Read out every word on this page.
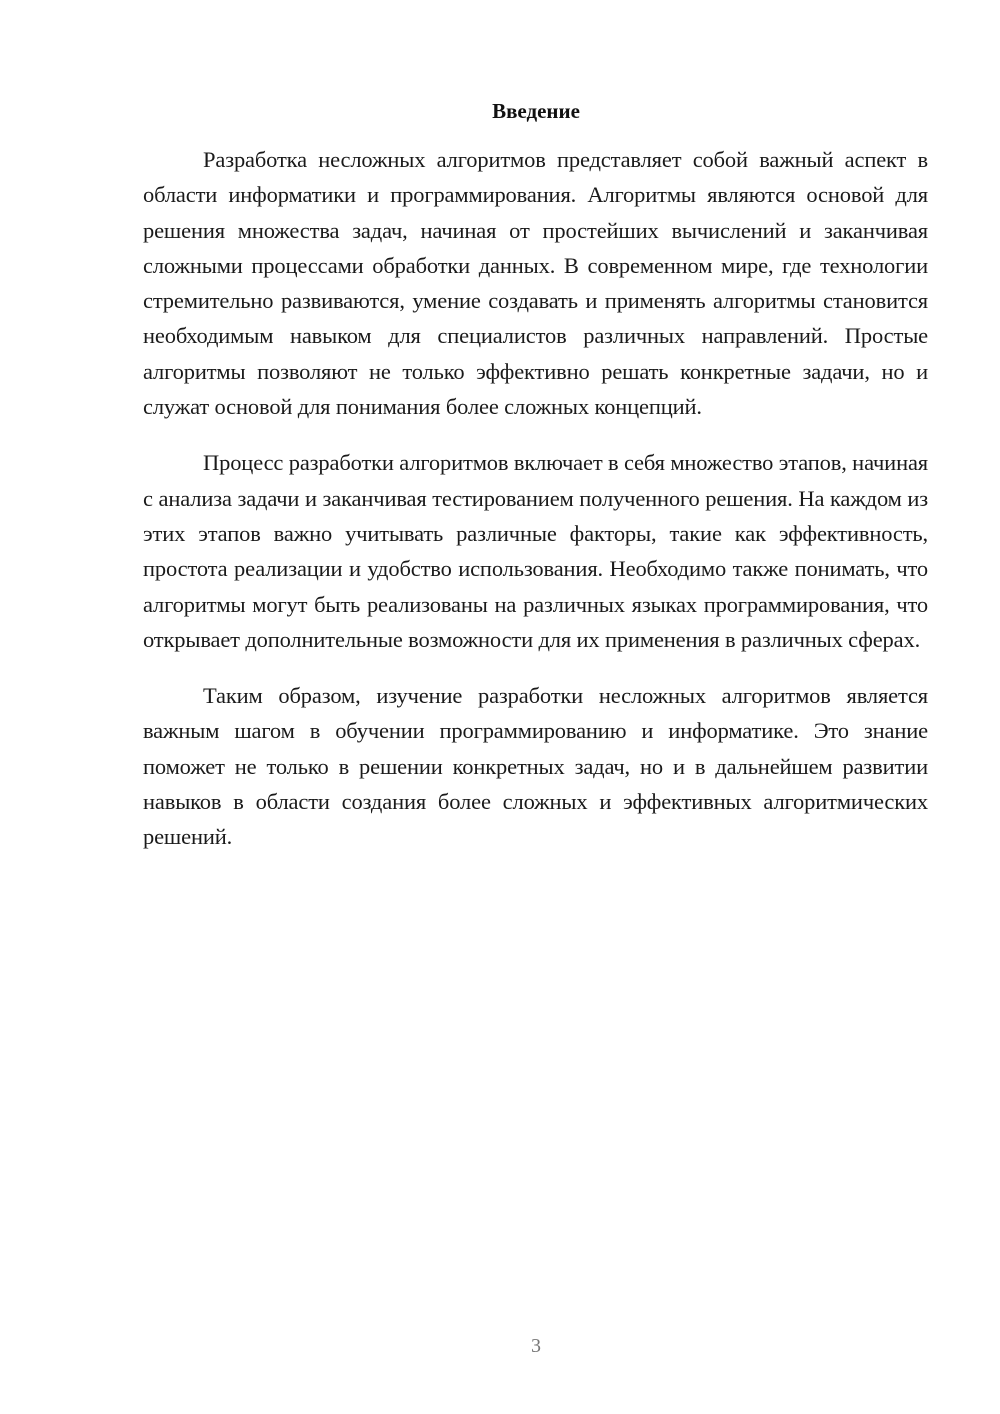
Введение

Разработка несложных алгоритмов представляет собой важный аспект в области информатики и программирования. Алгоритмы являются основой для решения множества задач, начиная от простейших вычислений и заканчивая сложными процессами обработки данных. В современном мире, где технологии стремительно развиваются, умение создавать и применять алгоритмы становится необходимым навыком для специалистов различных направлений. Простые алгоритмы позволяют не только эффективно решать конкретные задачи, но и служат основой для понимания более сложных концепций.

Процесс разработки алгоритмов включает в себя множество этапов, начиная с анализа задачи и заканчивая тестированием полученного решения. На каждом из этих этапов важно учитывать различные факторы, такие как эффективность, простота реализации и удобство использования. Необходимо также понимать, что алгоритмы могут быть реализованы на различных языках программирования, что открывает дополнительные возможности для их применения в различных сферах.

Таким образом, изучение разработки несложных алгоритмов является важным шагом в обучении программированию и информатике. Это знание поможет не только в решении конкретных задач, но и в дальнейшем развитии навыков в области создания более сложных и эффективных алгоритмических решений.

3
